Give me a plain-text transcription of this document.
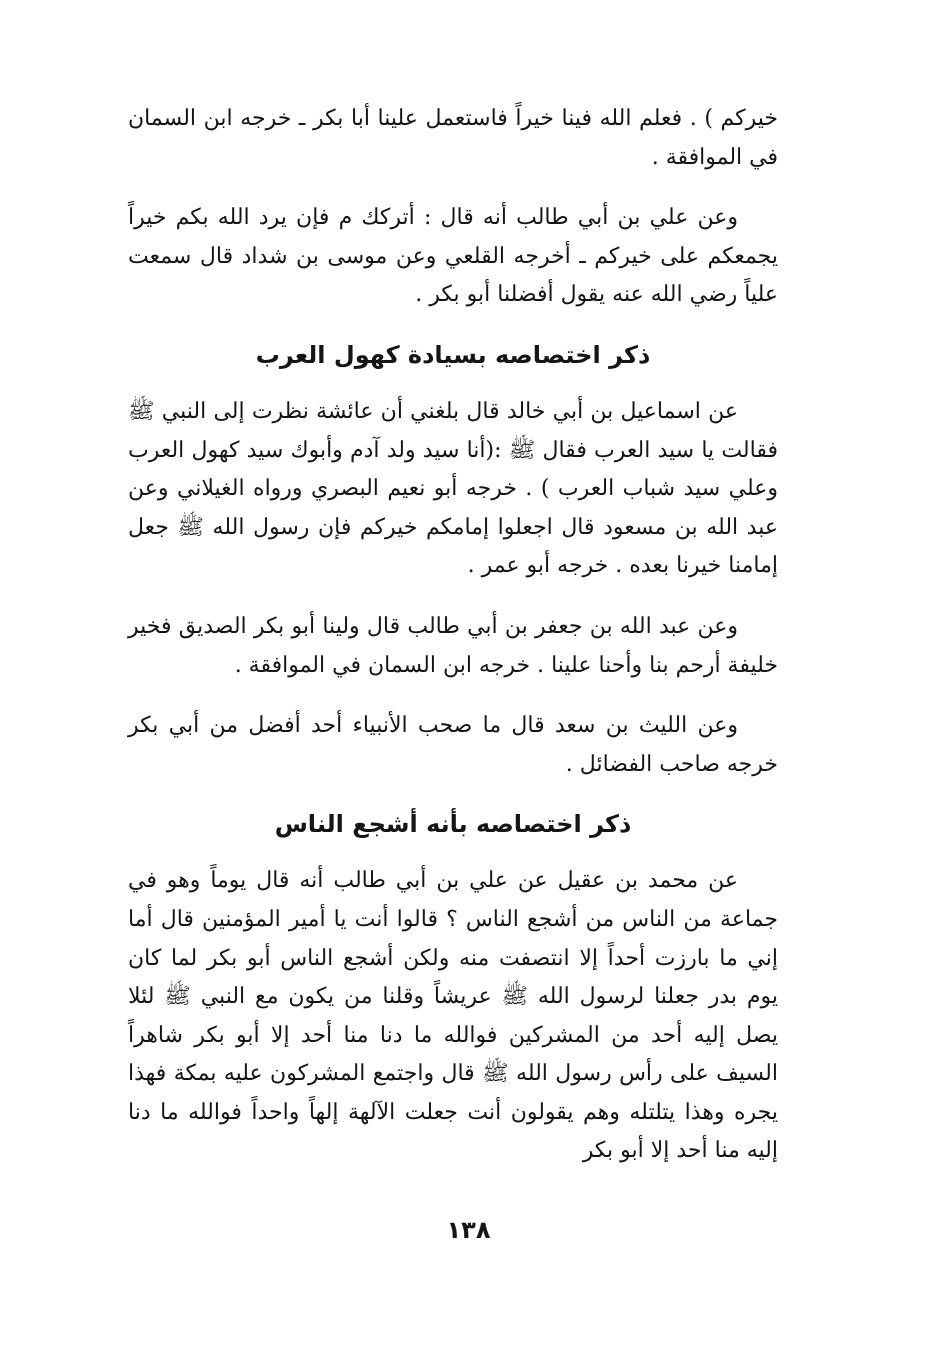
خيركم ) . فعلم الله فينا خيراً فاستعمل علينا أبا بكر ـ خرجه ابن السمان في الموافقة .

وعن علي بن أبي طالب أنه قال : أتركك م فإن يرد الله بكم خيراً يجمعكم على خيركم ـ أخرجه القلعي وعن موسى بن شداد قال سمعت علياً رضي الله عنه يقول أفضلنا أبو بكر .

ذكر اختصاصه بسيادة كهول العرب

عن اسماعيل بن أبي خالد قال بلغني أن عائشة نظرت إلى النبي ﷺ فقالت يا سيد العرب فقال ﷺ :(أنا سيد ولد آدم وأبوك سيد كهول العرب وعلي سيد شباب العرب ) . خرجه أبو نعيم البصري ورواه الغيلاني وعن عبد الله بن مسعود قال اجعلوا إمامكم خيركم فإن رسول الله ﷺ جعل إمامنا خيرنا بعده . خرجه أبو عمر .

وعن عبد الله بن جعفر بن أبي طالب قال ولينا أبو بكر الصديق فخير خليفة أرحم بنا وأحنا علينا . خرجه ابن السمان في الموافقة .

وعن الليث بن سعد قال ما صحب الأنبياء أحد أفضل من أبي بكر خرجه صاحب الفضائل .

ذكر اختصاصه بأنه أشجع الناس

عن محمد بن عقيل عن علي بن أبي طالب أنه قال يوماً وهو في جماعة من الناس من أشجع الناس ؟ قالوا أنت يا أمير المؤمنين قال أما إني ما بارزت أحداً إلا انتصفت منه ولكن أشجع الناس أبو بكر لما كان يوم بدر جعلنا لرسول الله ﷺ عريشاً وقلنا من يكون مع النبي ﷺ لئلا يصل إليه أحد من المشركين فوالله ما دنا منا أحد إلا أبو بكر شاهراً السيف على رأس رسول الله ﷺ قال واجتمع المشركون عليه بمكة فهذا يجره وهذا يتلتله وهم يقولون أنت جعلت الآلهة إلهاً واحداً فوالله ما دنا إليه منا أحد إلا أبو بكر

١٣٨
